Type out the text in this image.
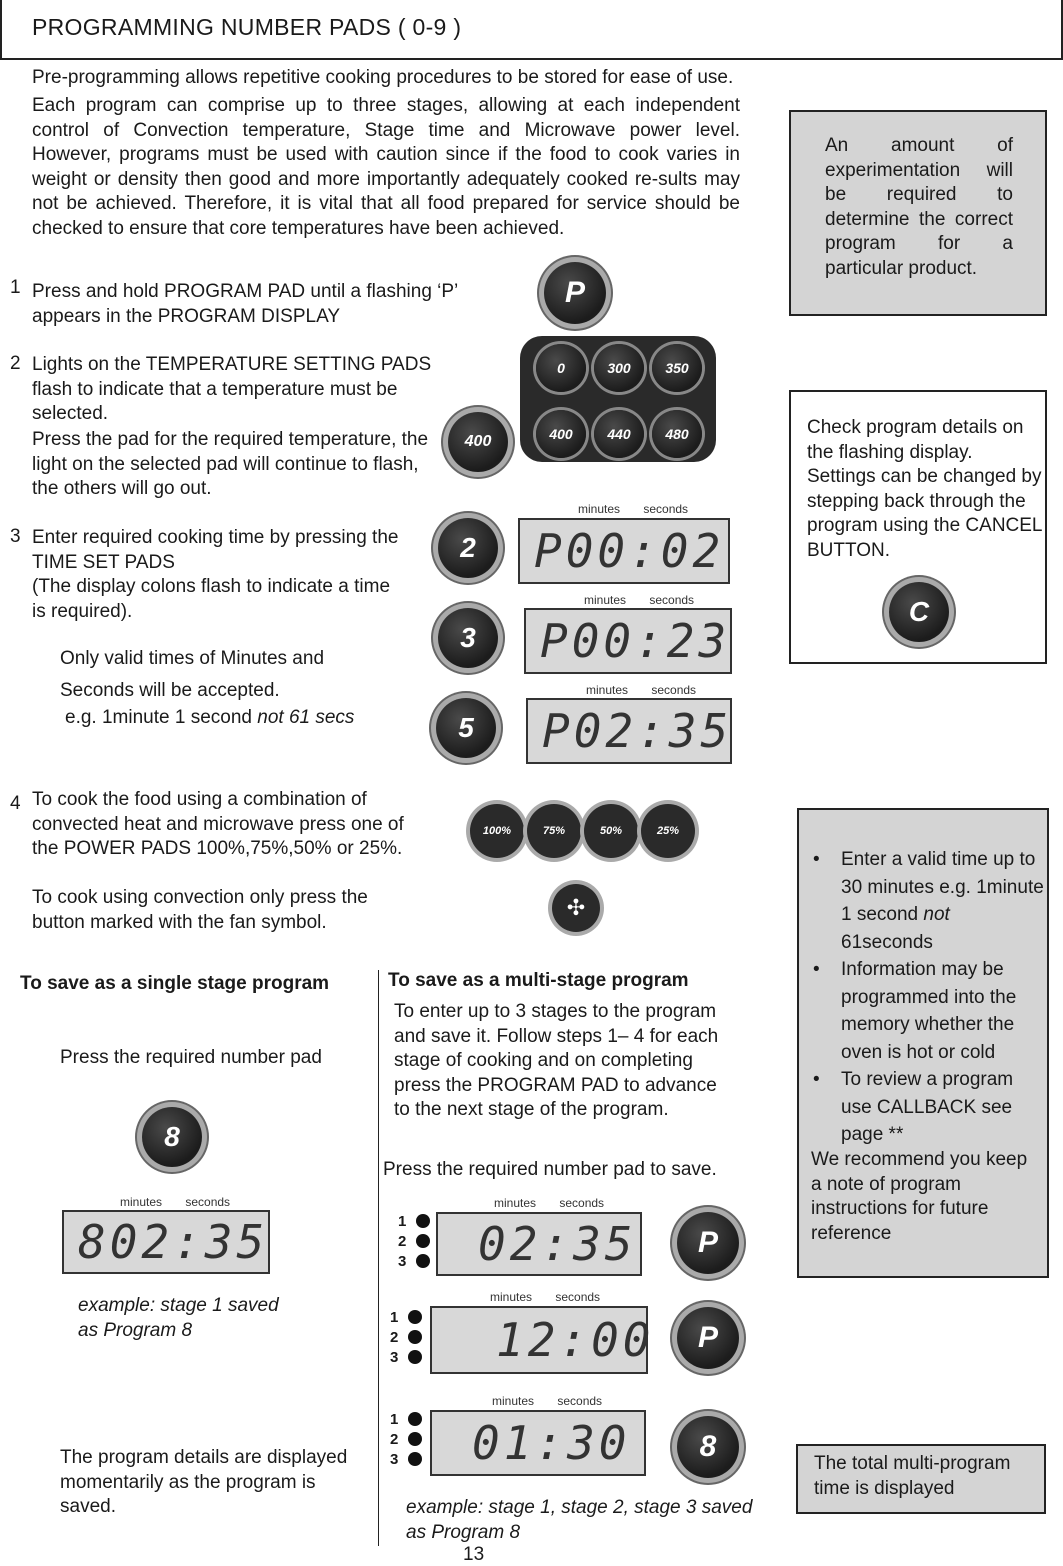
PROGRAMMING NUMBER PADS ( 0-9 )
Pre-programming allows repetitive cooking procedures to be stored for ease of use.
Each program can comprise up to three stages, allowing at each independent control of Convection temperature, Stage time and Microwave power level. However, programs must be used with caution since if the food to cook varies in weight or density then good and more importantly adequately cooked re-sults may not be achieved. Therefore, it is vital that all food prepared for service should be checked to ensure that core temperatures have been achieved.
An amount of experimentation will be required to determine the correct program for a particular product.
1 Press and hold PROGRAM PAD until a flashing ‘P’ appears in the PROGRAM DISPLAY
P
2 Lights on the TEMPERATURE SETTING PADS flash to indicate that a temperature must be selected.
Press the pad for the required temperature, the light on the selected pad will continue to flash, the others will go out.
0	300	350
400	440	480
400
Check program details on the flashing display. Settings can be changed by stepping back through the program using the CANCEL BUTTON.
C
3 Enter required cooking time by pressing the TIME SET PADS
(The display colons flash to indicate a time is required).
Only valid times of Minutes and
Seconds will be accepted.
e.g. 1minute 1 second not 61 secs
2
3
5
minutes seconds
P00:02
minutes seconds
P00:23
minutes seconds
P02:35
4 To cook the food using a combination of convected heat and microwave press one of the POWER PADS 100%,75%,50% or 25%.
To cook using convection only press the button marked with the fan symbol.
100%	75%	50%	25%
✣
• Enter a valid time up to 30 minutes e.g. 1minute 1 second not 61seconds
• Information may be programmed into the memory whether the oven is hot or cold
• To review a program use CALLBACK see page **
We recommend you keep a note of program instructions for future reference
To save as a single stage program
Press the required number pad
8
minutes seconds
802:35
example: stage 1 saved as Program 8
The program details are displayed momentarily as the program is saved.
To save as a multi-stage program
To enter up to 3 stages to the program and save it. Follow steps 1– 4 for each stage of cooking and on completing press the PROGRAM PAD to advance to the next stage of the program.
Press the required number pad to save.
minutes seconds
1
2
3	02:35	P
minutes seconds
1
2
3	12:00	P
minutes seconds
1
2
3	01:30	8
example: stage 1, stage 2, stage 3 saved as Program 8
The total multi-program time is displayed
13
